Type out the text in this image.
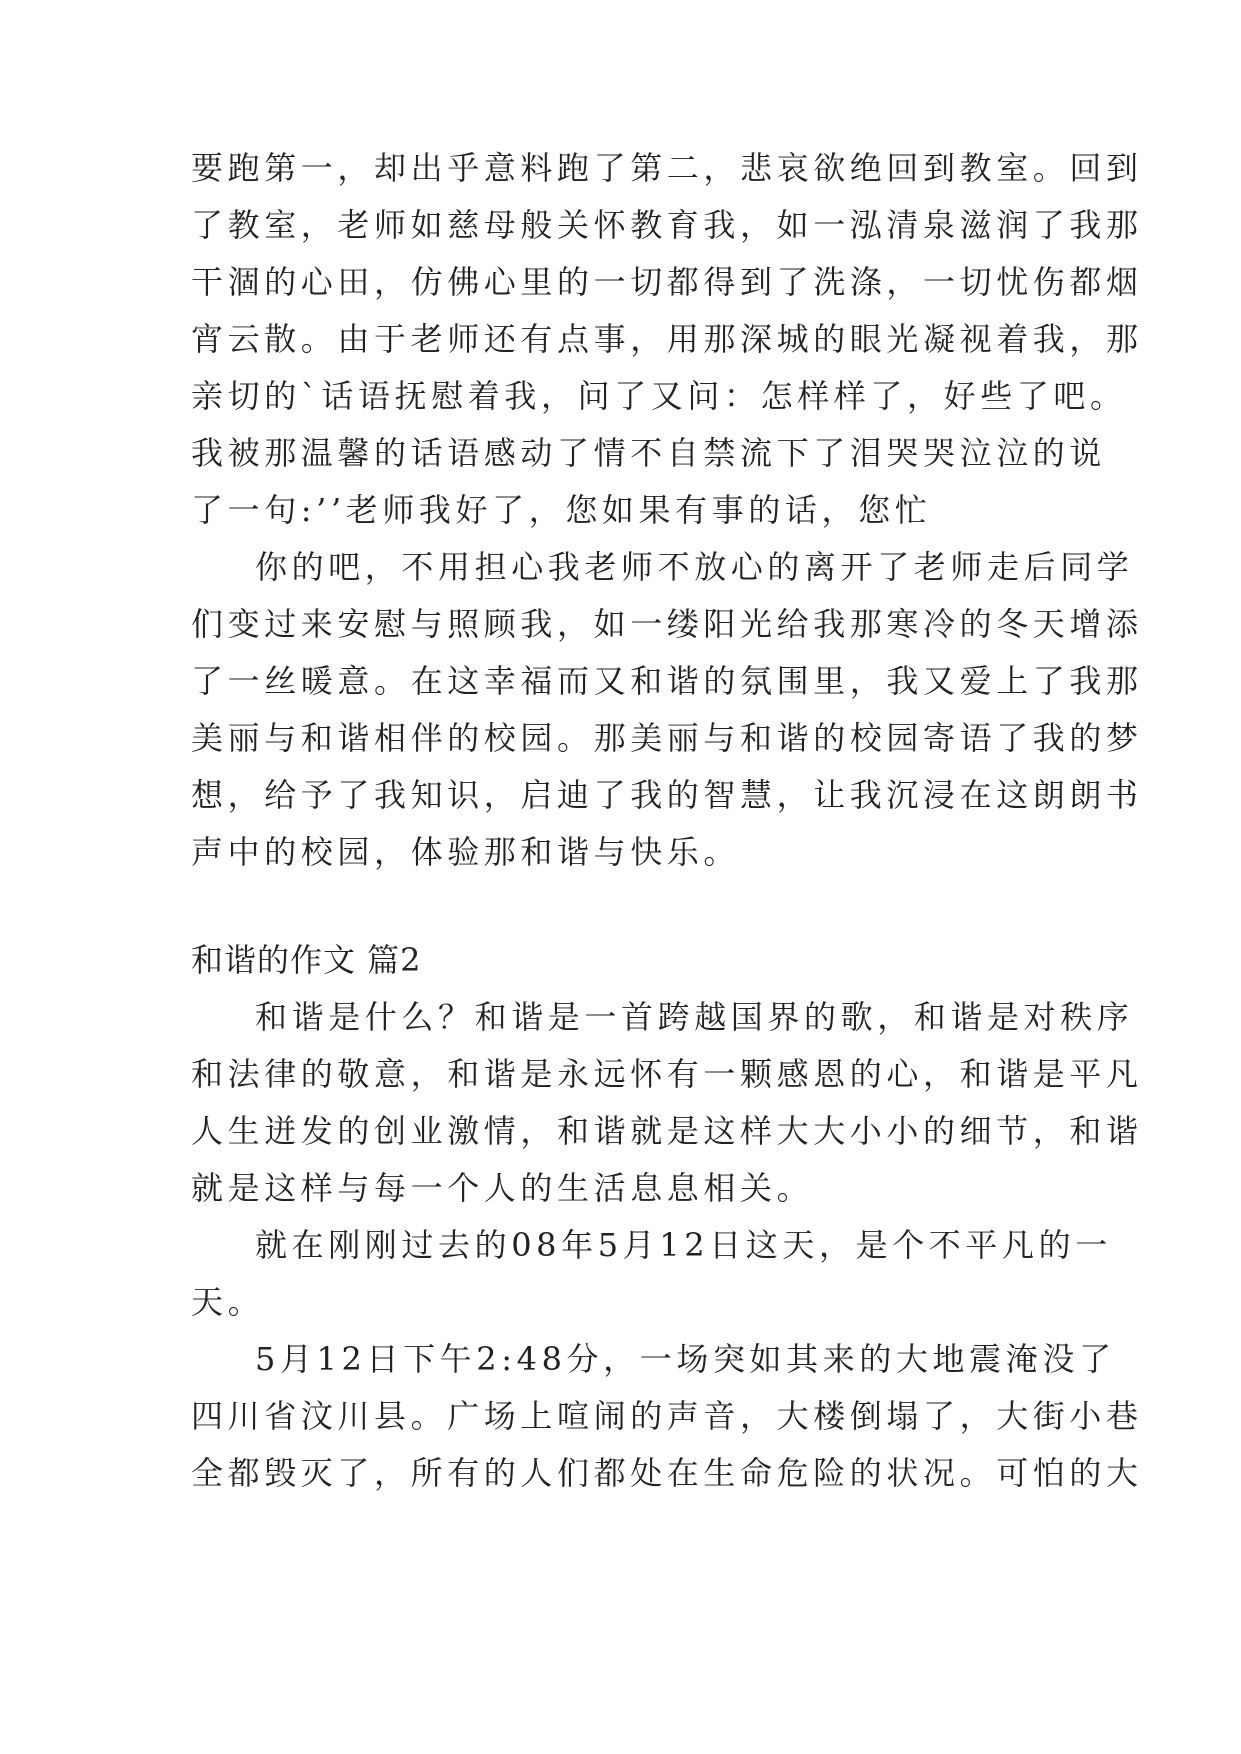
要跑第一，却出乎意料跑了第二，悲哀欲绝回到教室。回到
了教室，老师如慈母般关怀教育我，如一泓清泉滋润了我那
干涸的心田，仿佛心里的一切都得到了洗涤，一切忧伤都烟
宵云散。由于老师还有点事，用那深城的眼光凝视着我，那
亲切的`话语抚慰着我，问了又问：怎样样了，好些了吧。
我被那温馨的话语感动了情不自禁流下了泪哭哭泣泣的说
了一句:’’老师我好了，您如果有事的话，您忙
你的吧，不用担心我老师不放心的离开了老师走后同学
们变过来安慰与照顾我，如一缕阳光给我那寒冷的冬天增添
了一丝暖意。在这幸福而又和谐的氛围里，我又爱上了我那
美丽与和谐相伴的校园。那美丽与和谐的校园寄语了我的梦
想，给予了我知识，启迪了我的智慧，让我沉浸在这朗朗书
声中的校园，体验那和谐与快乐。
和谐的作文 篇2
和谐是什么？和谐是一首跨越国界的歌，和谐是对秩序
和法律的敬意，和谐是永远怀有一颗感恩的心，和谐是平凡
人生迸发的创业激情，和谐就是这样大大小小的细节，和谐
就是这样与每一个人的生活息息相关。
就在刚刚过去的08年5月12日这天，是个不平凡的一
天。
5月12日下午2:48分，一场突如其来的大地震淹没了
四川省汶川县。广场上喧闹的声音，大楼倒塌了，大街小巷
全都毁灭了，所有的人们都处在生命危险的状况。可怕的大
